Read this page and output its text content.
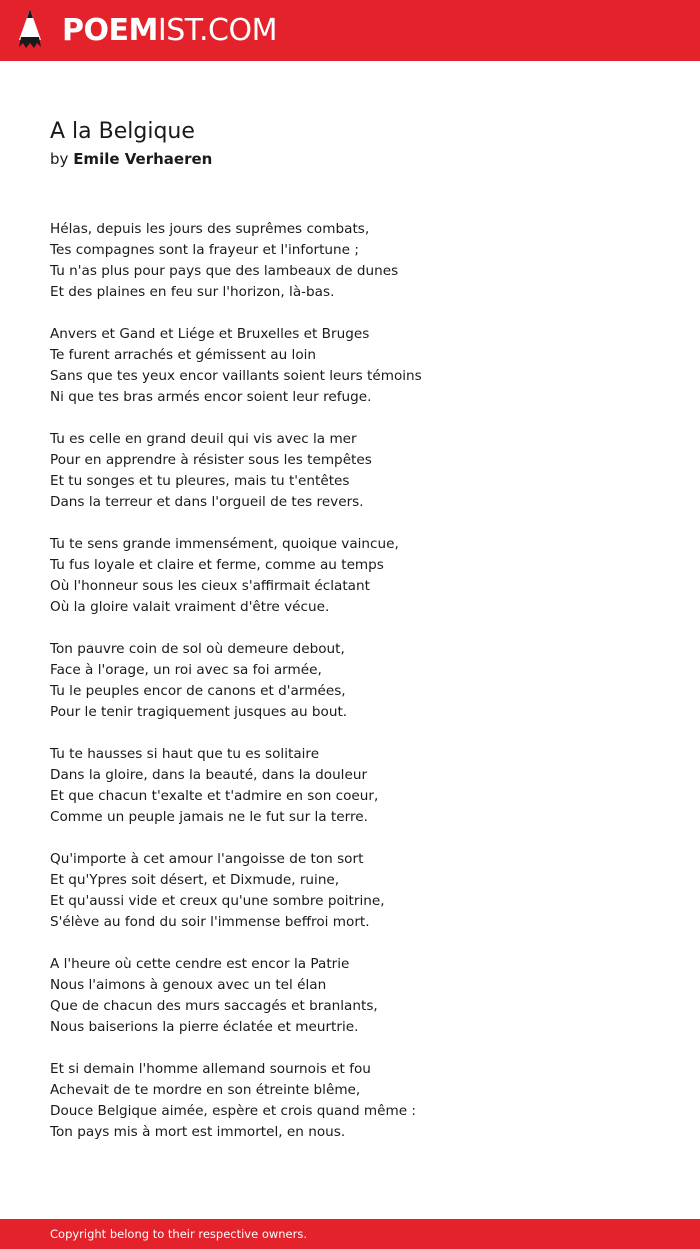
POEMIST.COM
A la Belgique
by Emile Verhaeren
Hélas, depuis les jours des suprêmes combats,
Tes compagnes sont la frayeur et l'infortune ;
Tu n'as plus pour pays que des lambeaux de dunes
Et des plaines en feu sur l'horizon, là-bas.
Anvers et Gand et Liége et Bruxelles et Bruges
Te furent arrachés et gémissent au loin
Sans que tes yeux encor vaillants soient leurs témoins
Ni que tes bras armés encor soient leur refuge.
Tu es celle en grand deuil qui vis avec la mer
Pour en apprendre à résister sous les tempêtes
Et tu songes et tu pleures, mais tu t'entêtes
Dans la terreur et dans l'orgueil de tes revers.
Tu te sens grande immensément, quoique vaincue,
Tu fus loyale et claire et ferme, comme au temps
Où l'honneur sous les cieux s'affirmait éclatant
Où la gloire valait vraiment d'être vécue.
Ton pauvre coin de sol où demeure debout,
Face à l'orage, un roi avec sa foi armée,
Tu le peuples encor de canons et d'armées,
Pour le tenir tragiquement jusques au bout.
Tu te hausses si haut que tu es solitaire
Dans la gloire, dans la beauté, dans la douleur
Et que chacun t'exalte et t'admire en son coeur,
Comme un peuple jamais ne le fut sur la terre.
Qu'importe à cet amour l'angoisse de ton sort
Et qu'Ypres soit désert, et Dixmude, ruine,
Et qu'aussi vide et creux qu'une sombre poitrine,
S'élève au fond du soir l'immense beffroi mort.
A l'heure où cette cendre est encor la Patrie
Nous l'aimons à genoux avec un tel élan
Que de chacun des murs saccagés et branlants,
Nous baiserions la pierre éclatée et meurtrie.
Et si demain l'homme allemand sournois et fou
Achevait de te mordre en son étreinte blême,
Douce Belgique aimée, espère et crois quand même :
Ton pays mis à mort est immortel, en nous.
Copyright belong to their respective owners.
